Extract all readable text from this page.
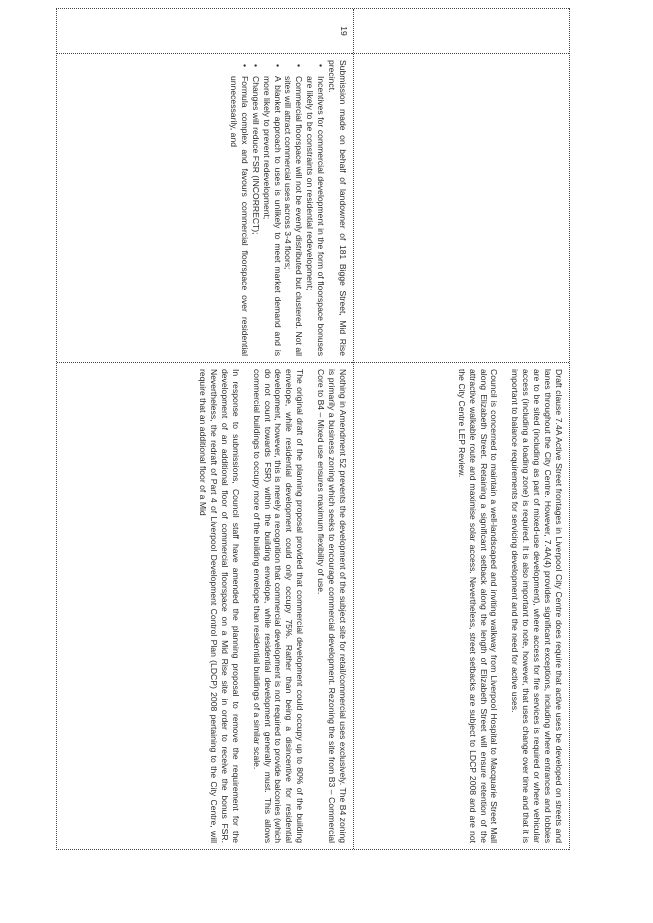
Draft clause 7.4A Active Street frontages in Liverpool City Centre does require that active uses be developed on streets and lanes throughout the City Centre. However, 7.4A(4) provides significant exceptions, including where entrances and lobbies are to be sited (including as part of mixed-use development), where access for fire services is required or where vehicular access (including a loading zone) is required. It is also important to note, however, that uses change over time and that it is important to balance requirements for servicing development and the need for active uses.

Council is concerned to maintain a well-landscaped and inviting walkway from Liverpool Hospital to Macquarie Street Mall along Elizabeth Street. Retaining a significant setback along the length of Elizabeth Street will ensure retention of the attractive walkable route and maximise solar access. Nevertheless, street setbacks are subject to LDCP 2008 and are not the City Centre LEP Review.

19
Submission made on behalf of landowner of 181 Bigge Street, Mid Rise precinct.
• Incentives for commercial development in the form of floorspace bonuses are likely to be constraints on residential redevelopment;
• Commercial floorspace will not be evenly distributed but clustered. Not all sites will attract commercial uses across 3-4 floors;
• A blanket approach to uses is unlikely to meet market demand and is more likely to prevent redevelopment;
• Changes will reduce FSR (INCORRECT);
• Formula complex and favours commercial floorspace over residential unnecessarily, and

Nothing in Amendment 52 prevents the development of the subject site for retail/commercial uses exclusively. The B4 zoning is primarily a business zoning which seeks to encourage commercial development. Rezoning the site from B3 – Commercial Core to B4 – Mixed use ensures maximum flexibility of use.

The original draft of the planning proposal provided that commercial development could occupy up to 80% of the building envelope, while residential development could only occupy 75%. Rather than being a disincentive for residential development, however, this is merely a recognition that commercial development is not required to provide balconies (which do not count towards FSR) within the building envelope, while residential development generally must. This allows commercial buildings to occupy more of the building envelope than residential buildings of a similar scale.

In response to submissions, Council staff have amended the planning proposal to remove the requirement for the development of an additional floor of commercial floorspace on a Mid Rise site in order to receive the bonus FSR. Nevertheless, the redraft of Part 4 of Liverpool Development Control Plan (LDCP) 2008 pertaining to the City Centre, will require that an additional floor of a Mid
